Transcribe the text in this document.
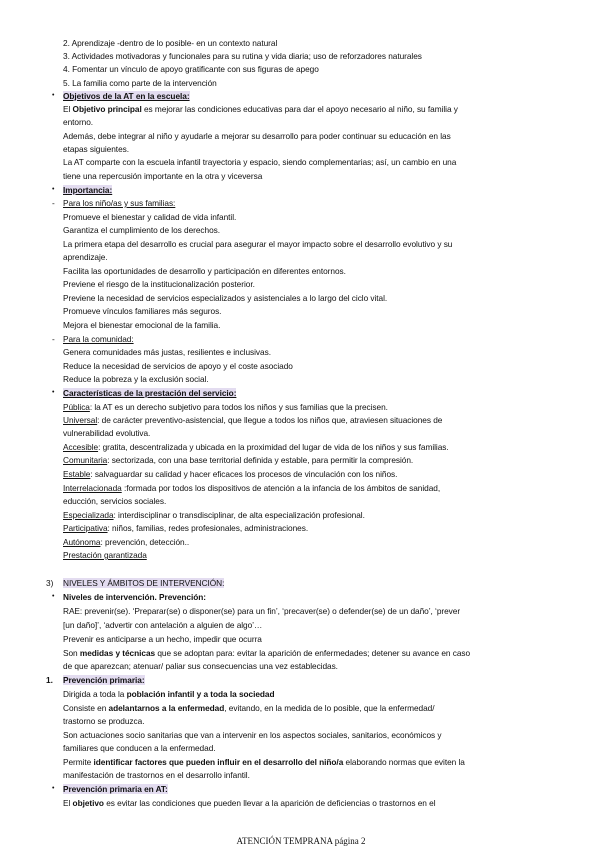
2. Aprendizaje -dentro de lo posible- en un contexto natural
3. Actividades motivadoras y funcionales para su rutina y vida diaria; uso de reforzadores naturales
4. Fomentar un vínculo de apoyo gratificante con sus figuras de apego
5. La familia como parte de la intervención
• Objetivos de la AT en la escuela:
El Objetivo principal es mejorar las condiciones educativas para dar el apoyo necesario al niño, su familia y
entorno.
Además, debe integrar al niño y ayudarle a mejorar su desarrollo para poder continuar su educación en las
etapas siguientes.
La AT comparte con la escuela infantil trayectoria y espacio, siendo complementarias; así, un cambio en una
tiene una repercusión importante en la otra y viceversa
• Importancia:
- Para los niño/as y sus familias:
Promueve el bienestar y calidad de vida infantil.
Garantiza el cumplimiento de los derechos.
La primera etapa del desarrollo es crucial para asegurar el mayor impacto sobre el desarrollo evolutivo y su
aprendizaje.
Facilita las oportunidades de desarrollo y participación en diferentes entornos.
Previene el riesgo de la institucionalización posterior.
Previene la necesidad de servicios especializados y asistenciales a lo largo del ciclo vital.
Promueve vínculos familiares más seguros.
Mejora el bienestar emocional de la familia.
- Para la comunidad:
Genera comunidades más justas, resilientes e inclusivas.
Reduce la necesidad de servicios de apoyo y el coste asociado
Reduce la pobreza y la exclusión social.
• Características de la prestación del servicio:
Pública: la AT es un derecho subjetivo para todos los niños y sus familias que la precisen.
Universal: de carácter preventivo-asistencial, que llegue a todos los niños que, atraviesen situaciones de
vulnerabilidad evolutiva.
Accesible: gratita, descentralizada y ubicada en la proximidad del lugar de vida de los niños y sus familias.
Comunitaria: sectorizada, con una base territorial definida y estable, para permitir la compresión.
Estable: salvaguardar su calidad y hacer eficaces los procesos de vinculación con los niños.
Interrelacionada :formada por todos los dispositivos de atención a la infancia de los ámbitos de sanidad,
educción, servicios sociales.
Especializada: interdisciplinar o transdisciplinar, de alta especialización profesional.
Participativa: niños, familias, redes profesionales, administraciones.
Autónoma: prevención, detección..
Prestación garantizada
3) NIVELES Y ÁMBITOS DE INTERVENCIÓN:
• Niveles de intervención. Prevención:
RAE: prevenir(se). ‘Preparar(se) o disponer(se) para un fin’, ‘precaver(se) o defender(se) de un daño’, ‘prever
[un daño]’, ‘advertir con antelación a alguien de algo’…
Prevenir es anticiparse a un hecho, impedir que ocurra
Son medidas y técnicas que se adoptan para: evitar la aparición de enfermedades; detener su avance en caso
de que aparezcan; atenuar/ paliar sus consecuencias una vez establecidas.
1. Prevención primaria:
Dirigida a toda la población infantil y a toda la sociedad
Consiste en adelantarnos a la enfermedad, evitando, en la medida de lo posible, que la enfermedad/
trastorno se produzca.
Son actuaciones socio sanitarias que van a intervenir en los aspectos sociales, sanitarios, económicos y
familiares que conducen a la enfermedad.
Permite identificar factores que pueden influir en el desarrollo del niño/a elaborando normas que eviten la
manifestación de trastornos en el desarrollo infantil.
• Prevención primaria en AT:
El objetivo es evitar las condiciones que pueden llevar a la aparición de deficiencias o trastornos en el
ATENCIÓN TEMPRANA página 2
